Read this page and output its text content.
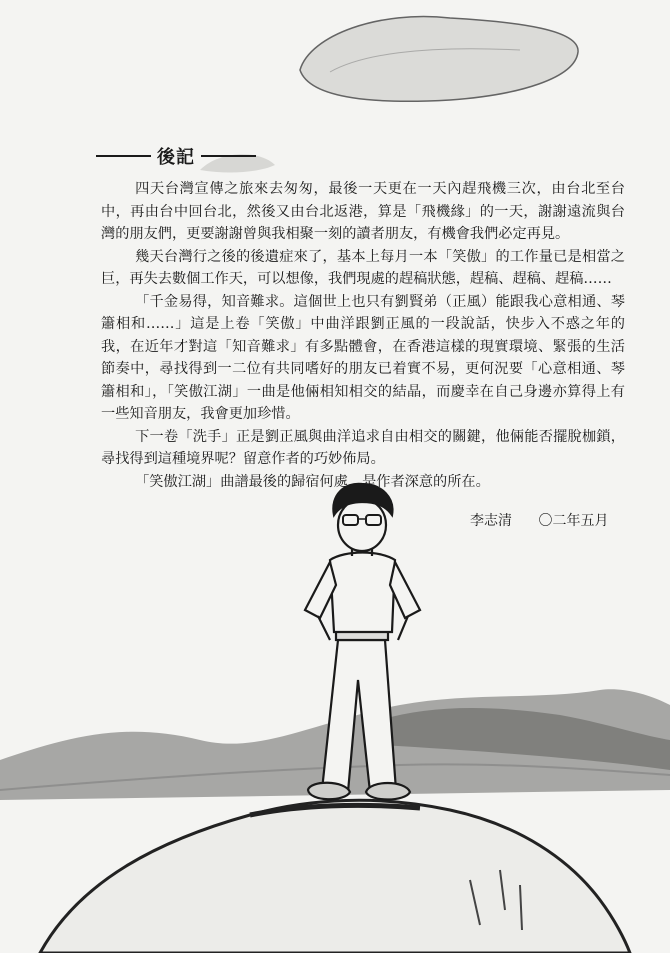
後記

四天台灣宣傳之旅來去匆匆，最後一天更在一天內趕飛機三次，由台北至台中，再由台中回台北，然後又由台北返港，算是「飛機緣」的一天，謝謝遠流與台灣的朋友們，更要謝謝曾與我相聚一刻的讀者朋友，有機會我們必定再見。

幾天台灣行之後的後遺症來了，基本上每月一本「笑傲」的工作量已是相當之巨，再失去數個工作天，可以想像，我們現處的趕稿狀態，趕稿、趕稿、趕稿……

「千金易得，知音難求。這個世上也只有劉賢弟（正風）能跟我心意相通、琴簫相和……」這是上卷「笑傲」中曲洋跟劉正風的一段說話，快步入不惑之年的我，在近年才對這「知音難求」有多點體會，在香港這樣的現實環境、緊張的生活節奏中，尋找得到一二位有共同嗜好的朋友已着實不易，更何況要「心意相通、琴簫相和」，「笑傲江湖」一曲是他倆相知相交的結晶，而慶幸在自己身邊亦算得上有一些知音朋友，我會更加珍惜。

下一卷「洗手」正是劉正風與曲洋追求自由相交的關鍵，他倆能否擺脫枷鎖，尋找得到這種境界呢？留意作者的巧妙佈局。

「笑傲江湖」曲譜最後的歸宿何處，是作者深意的所在。

李志清 〇二年五月
